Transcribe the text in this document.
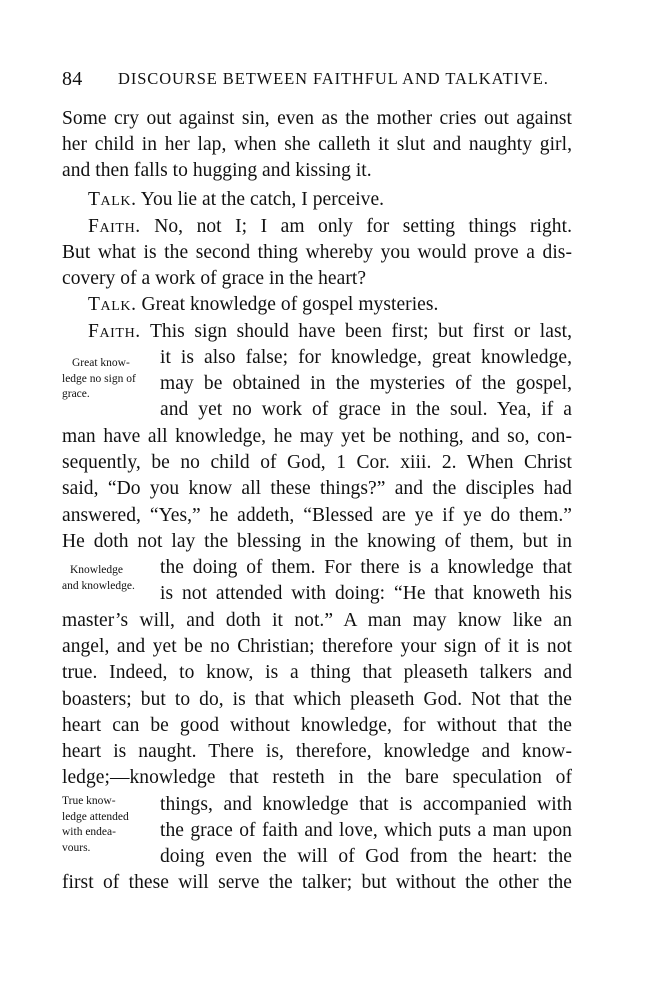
84 DISCOURSE BETWEEN FAITHFUL AND TALKATIVE.
Some cry out against sin, even as the mother cries out against
her child in her lap, when she calleth it slut and naughty girl,
and then falls to hugging and kissing it.
Talk. You lie at the catch, I perceive.
Faith. No, not I; I am only for setting things right.
But what is the second thing whereby you would prove a dis-
covery of a work of grace in the heart?
Talk. Great knowledge of gospel mysteries.
Faith. This sign should have been first; but first or last,
it is also false; for knowledge, great knowledge,
may be obtained in the mysteries of the gospel,
and yet no work of grace in the soul. Yea, if a
Great know-
ledge no sign of
grace.
man have all knowledge, he may yet be nothing, and so, con-
sequently, be no child of God, 1 Cor. xiii. 2. When Christ
said, “Do you know all these things?” and the disciples had
answered, “Yes,” he addeth, “Blessed are ye if ye do them.”
He doth not lay the blessing in the knowing of them, but in
the doing of them. For there is a knowledge that
is not attended with doing: “He that knoweth his
Knowledge
and knowledge.
master’s will, and doth it not.” A man may know like an
angel, and yet be no Christian; therefore your sign of it is not
true. Indeed, to know, is a thing that pleaseth talkers and
boasters; but to do, is that which pleaseth God. Not that the
heart can be good without knowledge, for without that the
heart is naught. There is, therefore, knowledge and know-
ledge;—knowledge that resteth in the bare speculation of
things, and knowledge that is accompanied with
the grace of faith and love, which puts a man upon
doing even the will of God from the heart: the
True know-
ledge attended
with endea-
vours.
first of these will serve the talker; but without the other the
